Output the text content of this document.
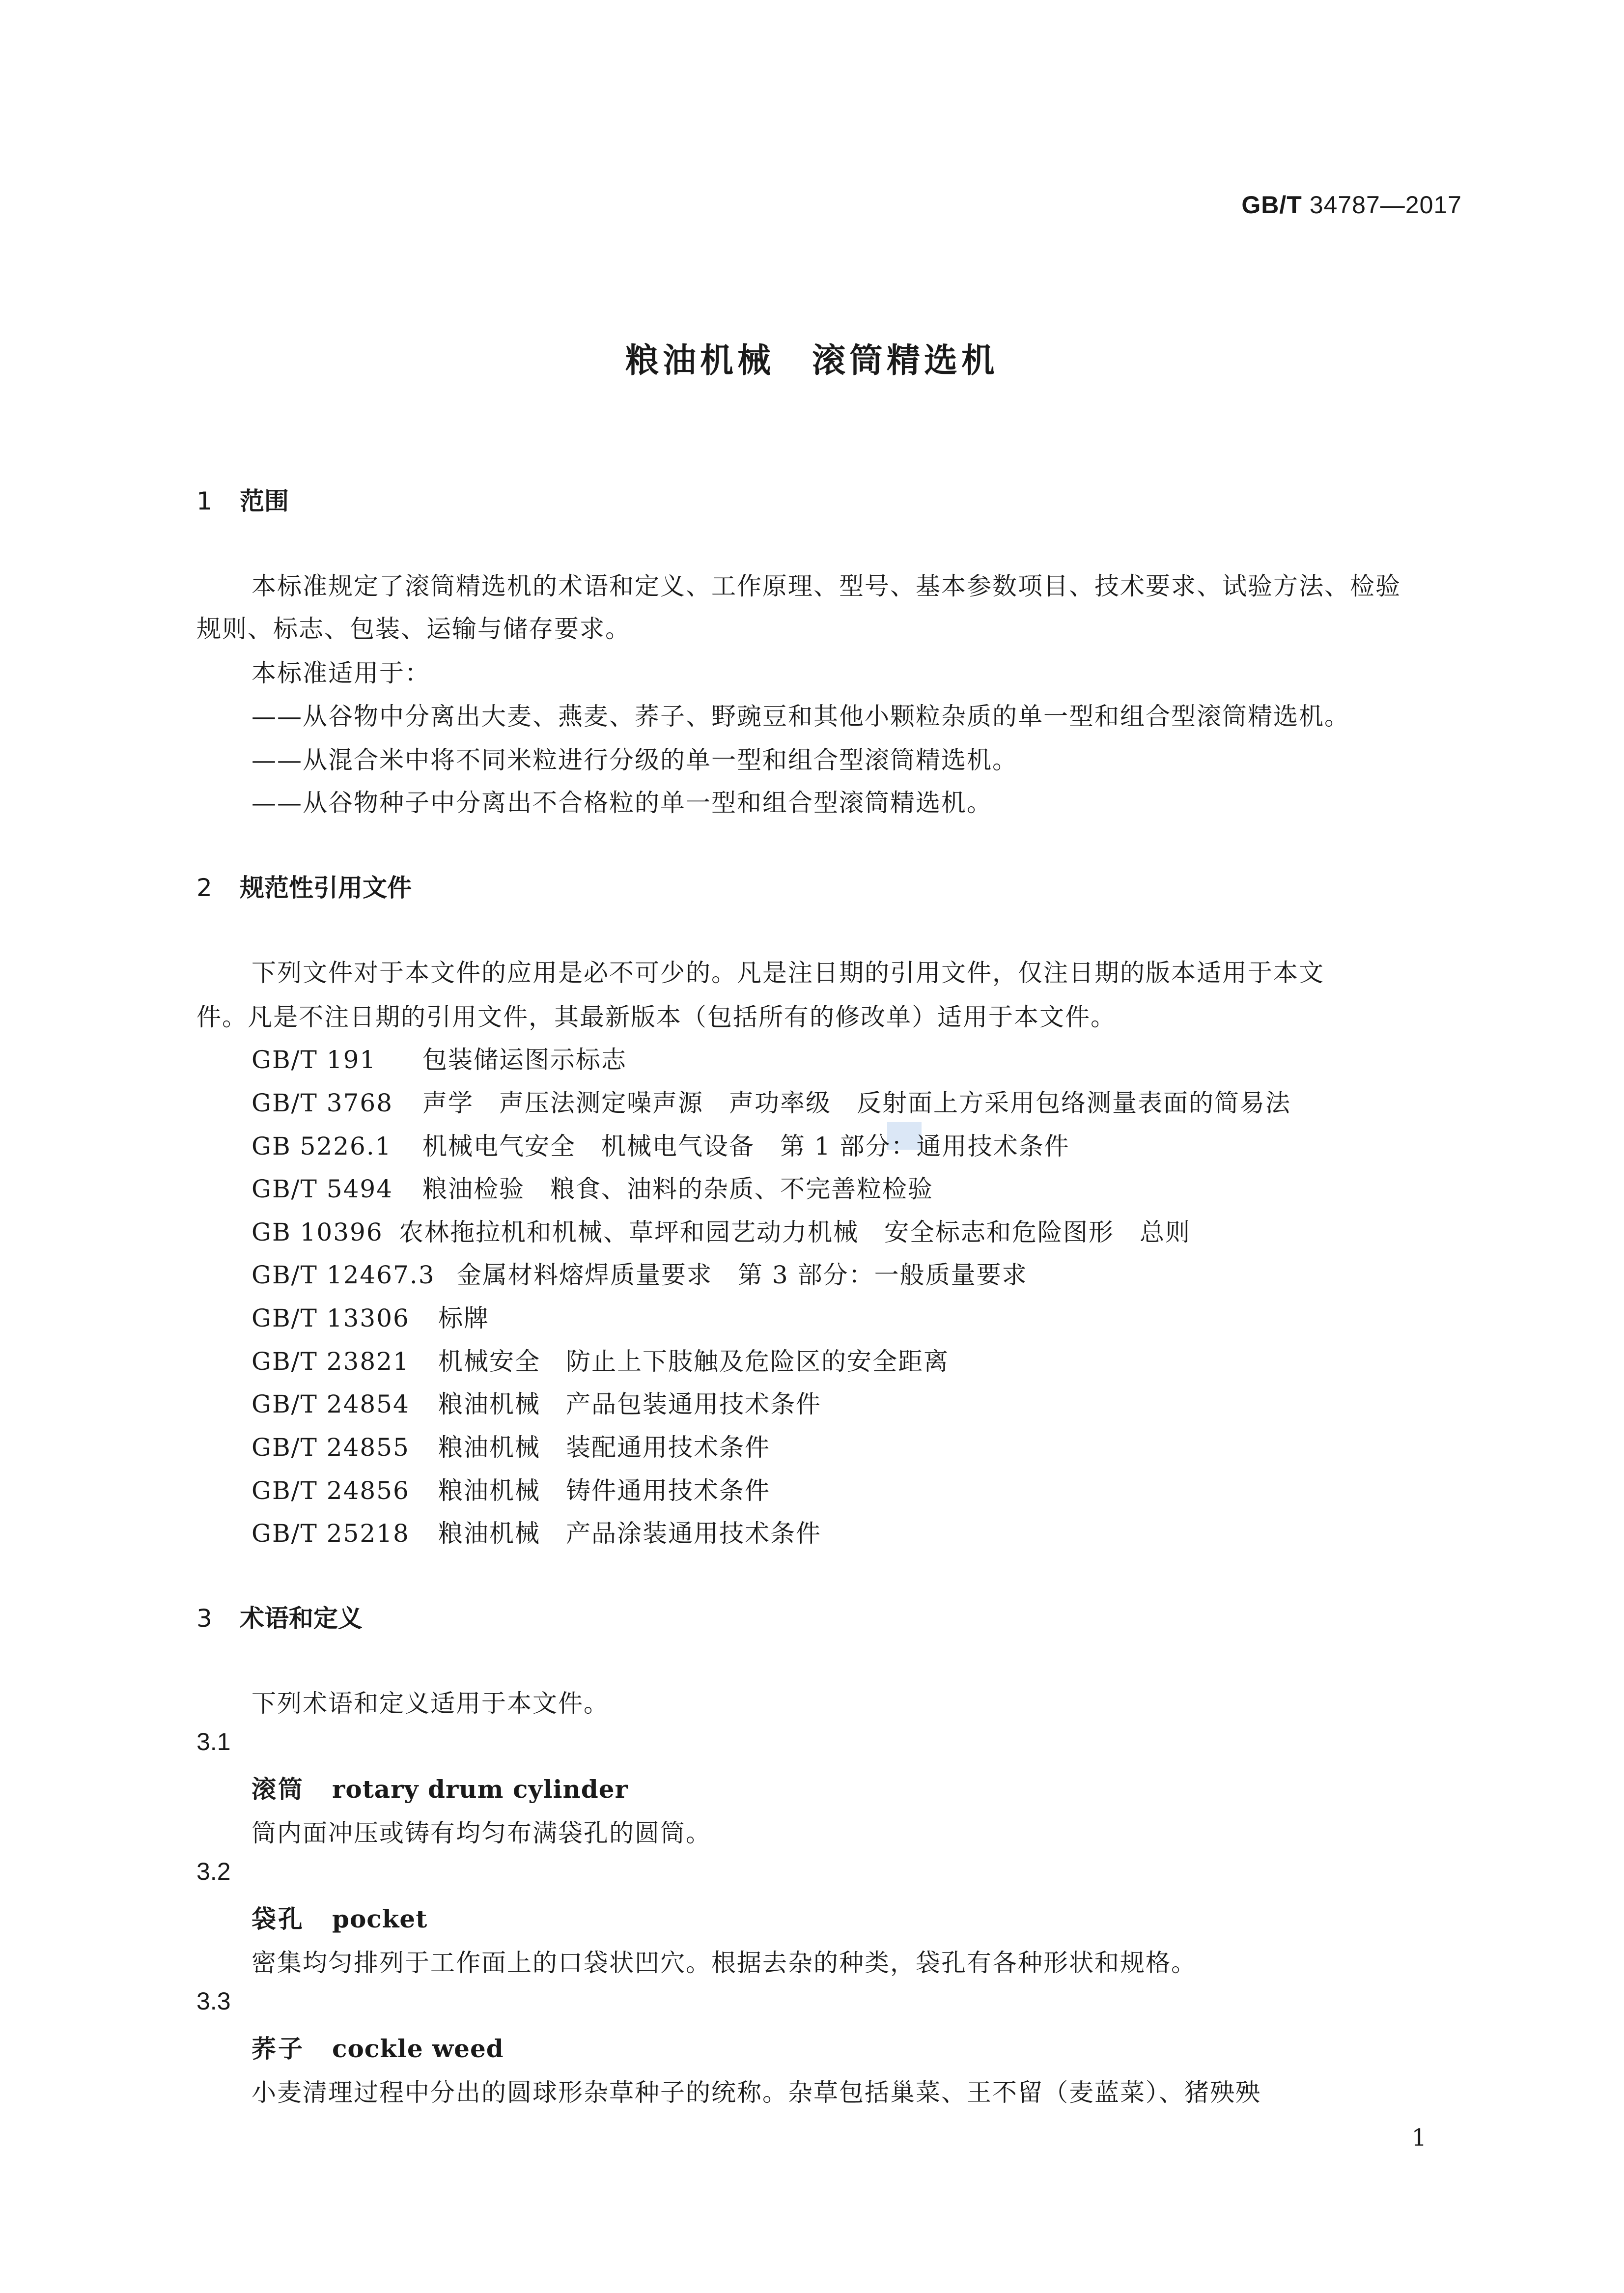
GB/T 34787—2017
粮油机械　滚筒精选机
1 范围
本标准规定了滚筒精选机的术语和定义、工作原理、型号、基本参数项目、技术要求、试验方法、检验
规则、标志、包装、运输与储存要求。
本标准适用于：
——从谷物中分离出大麦、燕麦、荞子、野豌豆和其他小颗粒杂质的单一型和组合型滚筒精选机。
——从混合米中将不同米粒进行分级的单一型和组合型滚筒精选机。
——从谷物种子中分离出不合格粒的单一型和组合型滚筒精选机。
2 规范性引用文件
下列文件对于本文件的应用是必不可少的。凡是注日期的引用文件，仅注日期的版本适用于本文
件。凡是不注日期的引用文件，其最新版本（包括所有的修改单）适用于本文件。
GB/T 191 包装储运图示标志
GB/T 3768 声学　声压法测定噪声源　声功率级　反射面上方采用包络测量表面的简易法
GB 5226.1 机械电气安全　机械电气设备　第 1 部分：通用技术条件
GB/T 5494 粮油检验　粮食、油料的杂质、不完善粒检验
GB 10396 农林拖拉机和机械、草坪和园艺动力机械　安全标志和危险图形　总则
GB/T 12467.3 金属材料熔焊质量要求　第 3 部分：一般质量要求
GB/T 13306 标牌
GB/T 23821 机械安全　防止上下肢触及危险区的安全距离
GB/T 24854 粮油机械　产品包装通用技术条件
GB/T 24855 粮油机械　装配通用技术条件
GB/T 24856 粮油机械　铸件通用技术条件
GB/T 25218 粮油机械　产品涂装通用技术条件
3 术语和定义
下列术语和定义适用于本文件。
3.1
滚筒 rotary drum cylinder
筒内面冲压或铸有均匀布满袋孔的圆筒。
3.2
袋孔 pocket
密集均匀排列于工作面上的口袋状凹穴。根据去杂的种类，袋孔有各种形状和规格。
3.3
荞子 cockle weed
小麦清理过程中分出的圆球形杂草种子的统称。杂草包括巢菜、王不留（麦蓝菜）、猪殃殃
1
